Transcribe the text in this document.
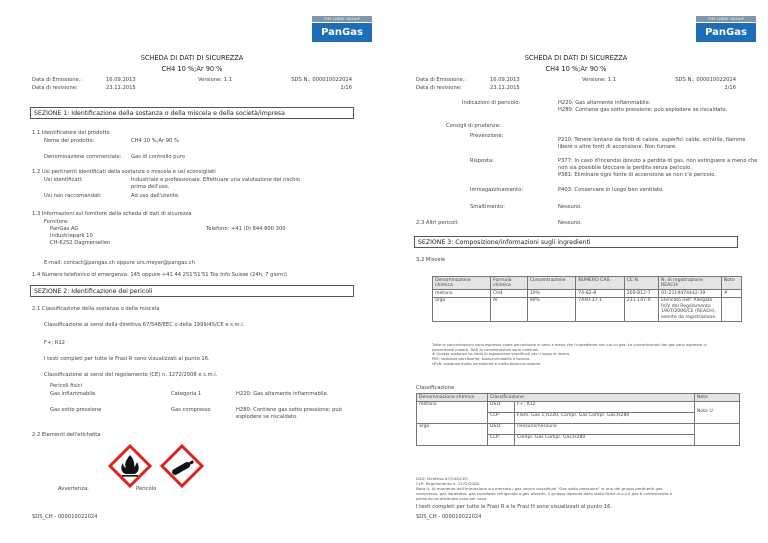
THE LINDE GROUP
PanGas
SCHEDA DI DATI DI SICUREZZA
CH4 10 %;Ar 90 %
Data di Emissione.:	16.09.2013
Data di revisione:	23.11.2015
Versione: 1.1	SDS N.: 000010022024
1/16
SEZIONE 1: Identificazione della sostanza o della miscela e della società/impresa
1.1 Identificatore del prodotto
Nome del prodotto:	CH4 10 %;Ar 90 %
Denominazione commerciale: Gas di controllo puro
1.2 Usi pertinenti identificati della sostanza o miscela e usi sconsigliati
Usi identificati:	Industriale e professionale. Effettuare una valutazione del rischio prima dell'uso.
Usi non raccomandati	Ad uso dell'utente.
1.3 Informazioni sul fornitore della scheda di dati di sicurezza
Fornitore:
PanGas AG
Industriepark 10
CH-6252 Dagmersellen
Telefono: +41 (0) 844 800 300
E-mail: contact@pangas.ch oppure urs.meyer@pangas.ch
1.4 Numero telefonico di emergenza: 145 oppure +41 44 251'51'51 Tox Info Suisse (24h, 7 giorni)
SEZIONE 2: Identificazione dei pericoli
2.1 Classificazione della sostanza o della miscela
Classificazione ai sensi della direttiva 67/548/EEC o della 1999/45/CE e s.m.i.
F+; R12
I testi completi per tutte le Frasi R sono visualizzati al punto 16.
Classificazione ai sensi del regolamento (CE) n. 1272/2008 e s.m.i.
Pericoli fisici
Gas infiammabile	Categoria 1	H220: Gas altamente infiammabile.
Gas sotto pressione	Gas compresso	H280: Contiene gas sotto pressione; può esplodere se riscaldato.
2.2 Elementi dell'etichetta
Avvertenza:	Pericolo
SDS_CH - 000010022024
THE LINDE GROUP
PanGas
SCHEDA DI DATI DI SICUREZZA
CH4 10 %;Ar 90 %
Data di Emissione.:	16.09.2013
Data di revisione:	23.11.2015
Versione: 1.1	SDS N.: 000010022024
2/16
Indicazioni di pericolo:	H220: Gas altamente infiammabile.
H280: Contiene gas sotto pressione; può esplodere se riscaldato.
Consigli di prudenza:
Prevenzione:
P210: Tenere lontano da fonti di calore, superfici calde, scintille, fiamme
libere o altre fonti di accensione. Non fumare.
Risposta:	P377: In caso d'incendio dovuto a perdita di gas, non estinguere a meno che
non sia possibile bloccare la perdita senza pericolo.
P381: Eliminare ogni fonte di accensione se non c'è pericolo.
Immagazzinamento:	P403: Conservare in luogo ben ventilato.
Smaltimento:	Nessuno.
2.3 Altri pericoli:	Nessuno.
SEZIONE 3: Composizione/informazioni sugli ingredienti
3.2 Miscele
Denominazione chimica	Formula chimica	Concentrazione	NUMERO CAS:	CE N.	N. di registrazione REACH:	Note
metano	CH4	10%	74-82-8	200-812-7	01-2119474442-39	#
argo	Ar	90%	7440-37-1	231-147-0	Elencato nell' Allegato IV/V del Regolamento 1907/2006/CE (REACH), esente da registrazione.	
Tutte le concentrazioni sono espresse come percentuale in peso a meno che l'ingrediente non sia un gas. Le concentrazioni dei gas sono espresse in
percentuale molare. Tutti le concentrazioni sono nominali.
# Questa sostanza ha limiti di esposizione specificati per il luogo di lavoro.
PBT: sostanza persistente, bioaccumulabile e tossica.
vPvB: sostanza molto persistente e molto bioaccumulabile.
Classificazione
Denominazione chimica	Classificazione		Note
metano	DSD:	F+; R12	Nota U
	CLP:	Flam. Gas 1;H220, Compr. Gas Compr. Gas;H280	
argo	DSD:	nessuno/nessuna	
	CLP:	Compr. Gas Compr. Gas;H280	
DSD: Direttiva 67/548/CEE.
CLP: Regolamento n. 1272/2008.
Nota U: Al momento dell'immissione sul mercato i gas vanno classificati "Gas sotto pressione" in uno dei gruppi pertinenti gas
compresso, gas liquefatto, gas liquefatto refrigerato o gas dissolto. Il gruppo dipende dallo stato fisico in cui il gas è confezionato e
pertanto va attribuito caso per caso.
I testi completi per tutte le Frasi R e le Frasi H sono visualizzati al punto 16.
SDS_CH - 000010022024
